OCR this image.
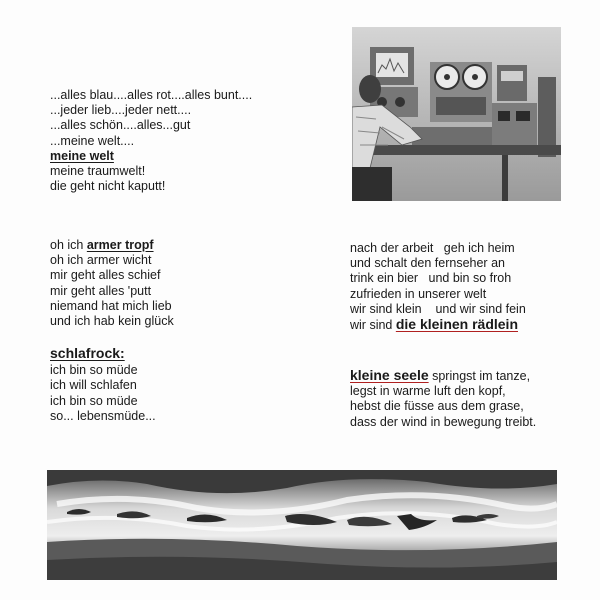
...alles blau....alles rot....alles bunt....
...jeder lieb....jeder nett....
...alles schön....alles...gut
...meine welt....
meine welt
meine traumwelt!
die geht nicht kaputt!
oh ich armer tropf
oh ich armer wicht
mir geht alles schief
mir geht alles 'putt
niemand hat mich lieb
und ich hab kein glück
schlafrock:
ich bin so müde
ich will schlafen
ich bin so müde
so... lebensmüde...
nach der arbeit   geh ich heim
und schalt den fernseher an
trink ein bier   und bin so froh
zufrieden in unserer welt
wir sind klein    und wir sind fein
wir sind die kleinen rädlein
kleine seele springst im tanze,
legst in warme luft den kopf,
hebst die füsse aus dem grase,
dass der wind in bewegung treibt.
